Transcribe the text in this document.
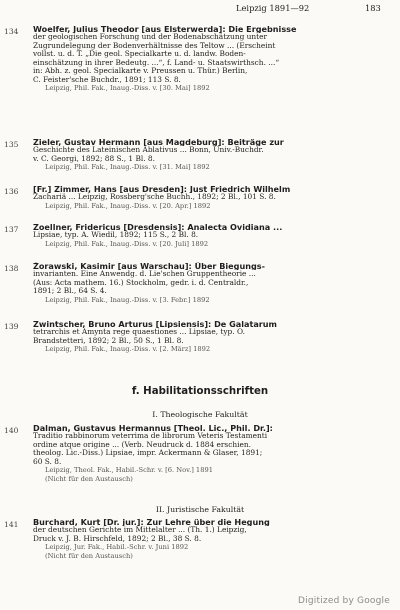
Leipzig 1891—92	183
134 Woelfer, Julius Theodor [aus Elsterwerda]: Die Ergebnisse
der geologischen Forschung und der Bodenabschätzung unter
Zugrundelegung der Bodenverhältnisse des Teltow ... (Erscheint
vollst. u. d. T. „Die geol. Specialkarte u. d. landw. Boden-
einschätzung in ihrer Bedeutg. ...“, f. Land- u. Staatswirthsch. ...“
in: Abh. z. geol. Specialkarte v. Preussen u. Thür.) Berlin,
C. Feister'sche Buchdr., 1891; 113 S. 8.
Leipzig, Phil. Fak., Inaug.-Diss. v. [30. Mai] 1892
135 Zieler, Gustav Hermann [aus Magdeburg]: Beiträge zur
Geschichte des Lateinischen Ablativus ... Bonn, Univ.-Buchdr.
v. C. Georgi, 1892; 88 S., 1 Bl. 8.
Leipzig, Phil. Fak., Inaug.-Diss. v. [31. Mai] 1892
136 [Fr.] Zimmer, Hans [aus Dresden]: Just Friedrich Wilhelm
Zachariä ... Leipzig, Rossberg'sche Buchh., 1892; 2 Bl., 101 S. 8.
Leipzig, Phil. Fak., Inaug.-Diss. v. [20. Apr.] 1892
137 Zoellner, Fridericus [Dresdensis]: Analecta Ovidiana ...
Lipsiae, typ. A. Wiedil, 1892; 115 S., 2 Bl. 8.
Leipzig, Phil. Fak., Inaug.-Diss. v. [20. Juli] 1892
138 Żorawski, Kasimir [aus Warschau]: Über Biegungs-
invarianten. Eine Anwendg. d. Lie'schen Gruppentheorie ...
(Aus: Acta mathem. 16.) Stockholm, gedr. i. d. Centraldr.,
1891; 2 Bl., 64 S. 4.
Leipzig, Phil. Fak., Inaug.-Diss. v. [3. Febr.] 1892
139 Zwintscher, Bruno Arturus [Lipsiensis]: De Galatarum
tetrarchis et Amynta rege quaestiones ... Lipsiae, typ. O.
Brandstetteri, 1892; 2 Bl., 50 S., 1 Bl. 8.
Leipzig, Phil. Fak., Inaug.-Diss. v. [2. März] 1892
f. Habilitationsschriften
I. Theologische Fakultät
140 Dalman, Gustavus Hermannus [Theol. Lic., Phil. Dr.]:
Traditio rabbinorum veterrima de librorum Veteris Testamenti
ordine atque origine ... (Verb. Neudruck d. 1884 erschien.
theolog. Lic.-Diss.) Lipsiae, impr. Ackermann & Glaser, 1891;
60 S. 8.
Leipzig, Theol. Fak., Habil.-Schr. v. [6. Nov.] 1891
(Nicht für den Austausch)
II. Juristische Fakultät
141 Burchard, Kurt [Dr. jur.]: Zur Lehre über die Hegung
der deutschen Gerichte im Mittelalter ... (Th. 1.) Leipzig,
Druck v. J. B. Hirschfeld, 1892; 2 Bl., 38 S. 8.
Leipzig, Jur. Fak., Habil.-Schr. v. Juni 1892
(Nicht für den Austausch)
Digitized by Google
